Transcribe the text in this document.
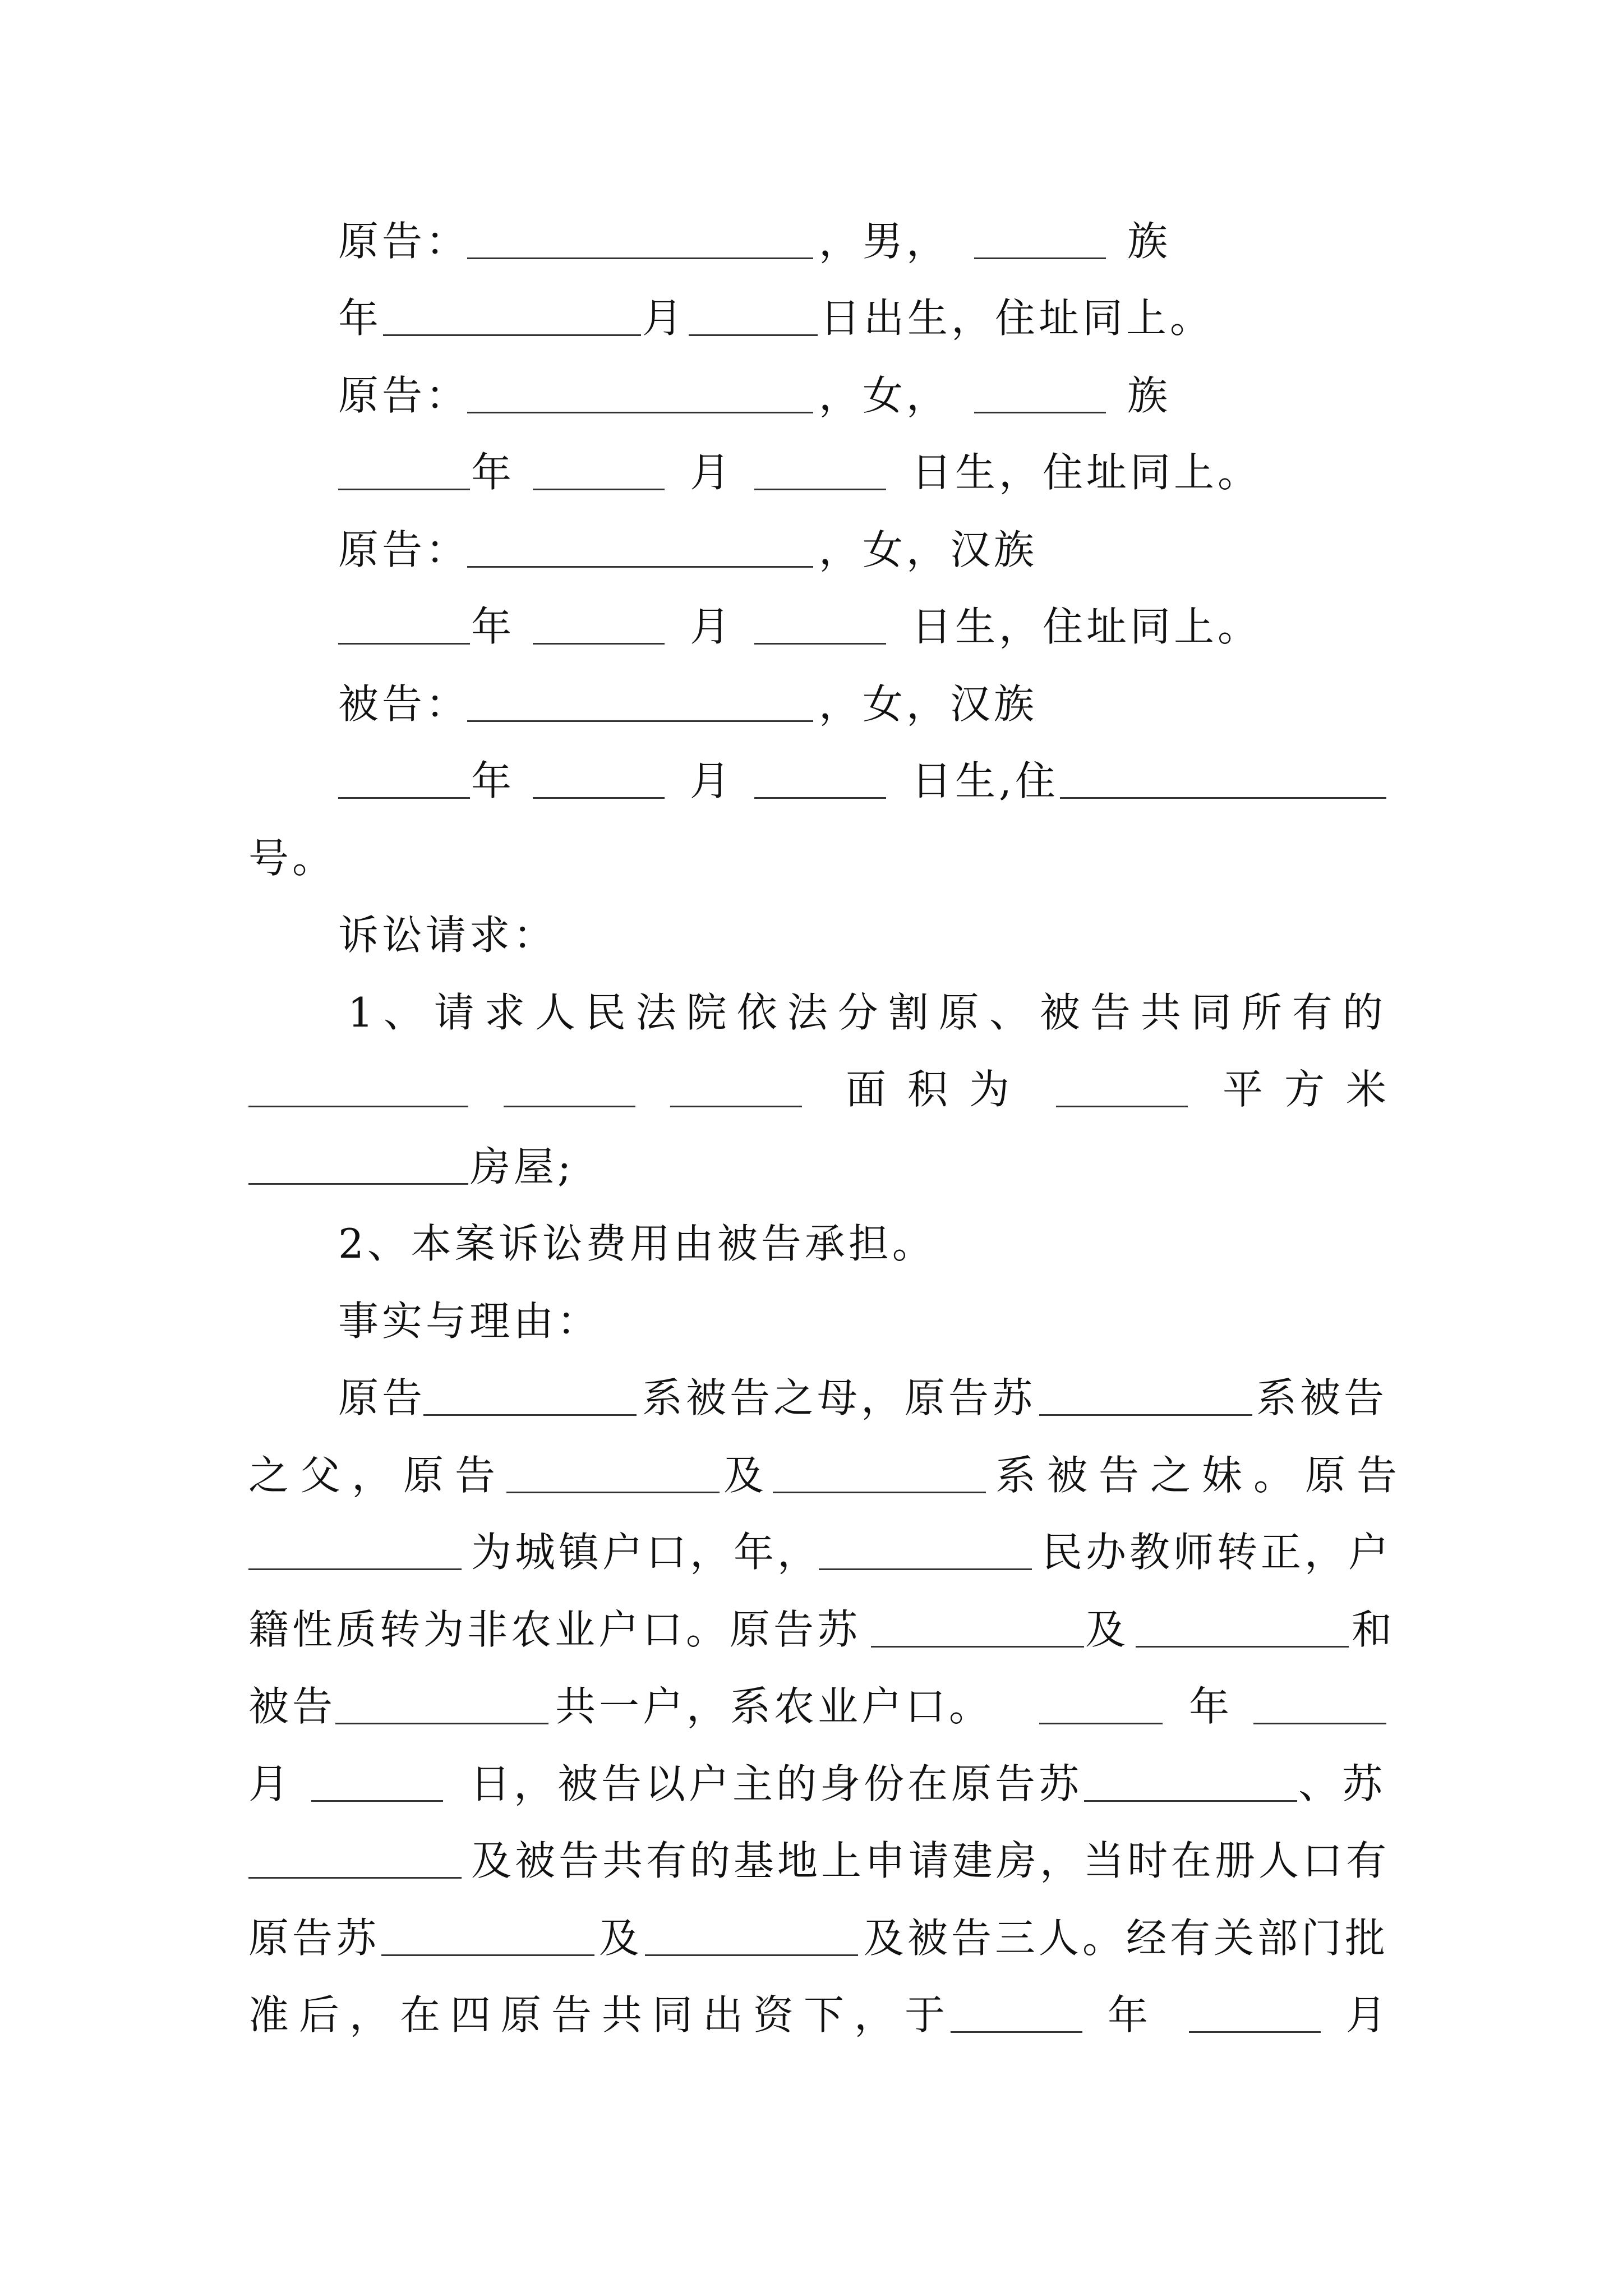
原告：	，男，	族
年	月	日出生，住址同上。
原告：	，女，	族
年	月	日生，住址同上。
原告：	，女，汉族
年	月	日生，住址同上。
被告：	，女，汉族
年	月	日生,住
号。
诉讼请求：
1、请求人民法院依法分割原、被告共同所有的
面积为	平方米
房屋;
2、本案诉讼费用由被告承担。
事实与理由：
原告	系被告之母，原告苏	系被告
之父，原告	及	系被告之妹。原告
为城镇户口，年，	民办教师转正，户
籍性质转为非农业户口。原告苏	及	和
被告	共一户，系农业户口。	年
月	日，被告以户主的身份在原告苏	、苏
及被告共有的基地上申请建房，当时在册人口有
原告苏	及	及被告三人。经有关部门批
准后，在四原告共同出资下，于	年	月
